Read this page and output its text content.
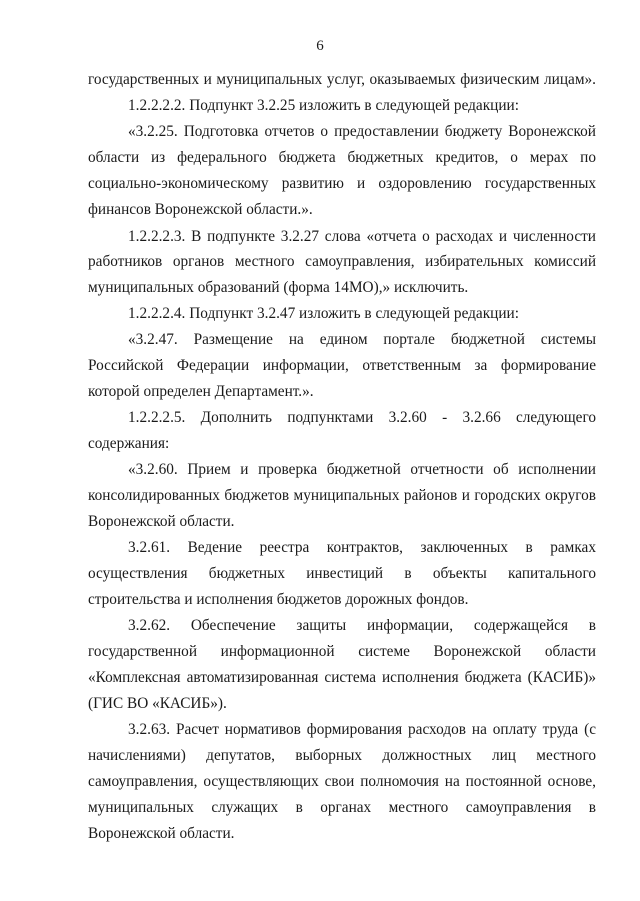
6
государственных и муниципальных услуг, оказываемых физическим лицам».
1.2.2.2.2. Подпункт 3.2.25 изложить в следующей редакции:
«3.2.25. Подготовка отчетов о предоставлении бюджету Воронежской
области из федерального бюджета бюджетных кредитов, о мерах по
социально-экономическому развитию и оздоровлению государственных
финансов Воронежской области.».
1.2.2.2.3. В подпункте 3.2.27 слова «отчета о расходах и численности
работников органов местного самоуправления, избирательных комиссий
муниципальных образований (форма 14МО),» исключить.
1.2.2.2.4. Подпункт 3.2.47 изложить в следующей редакции:
«3.2.47. Размещение на едином портале бюджетной системы
Российской Федерации информации, ответственным за формирование
которой определен Департамент.».
1.2.2.2.5. Дополнить подпунктами 3.2.60 - 3.2.66 следующего
содержания:
«3.2.60. Прием и проверка бюджетной отчетности об исполнении
консолидированных бюджетов муниципальных районов и городских округов
Воронежской области.
3.2.61. Ведение реестра контрактов, заключенных в рамках
осуществления бюджетных инвестиций в объекты капитального
строительства и исполнения бюджетов дорожных фондов.
3.2.62. Обеспечение защиты информации, содержащейся в
государственной информационной системе Воронежской области
«Комплексная автоматизированная система исполнения бюджета (КАСИБ)»
(ГИС ВО «КАСИБ»).
3.2.63. Расчет нормативов формирования расходов на оплату труда (с
начислениями) депутатов, выборных должностных лиц местного
самоуправления, осуществляющих свои полномочия на постоянной основе,
муниципальных служащих в органах местного самоуправления в
Воронежской области.
